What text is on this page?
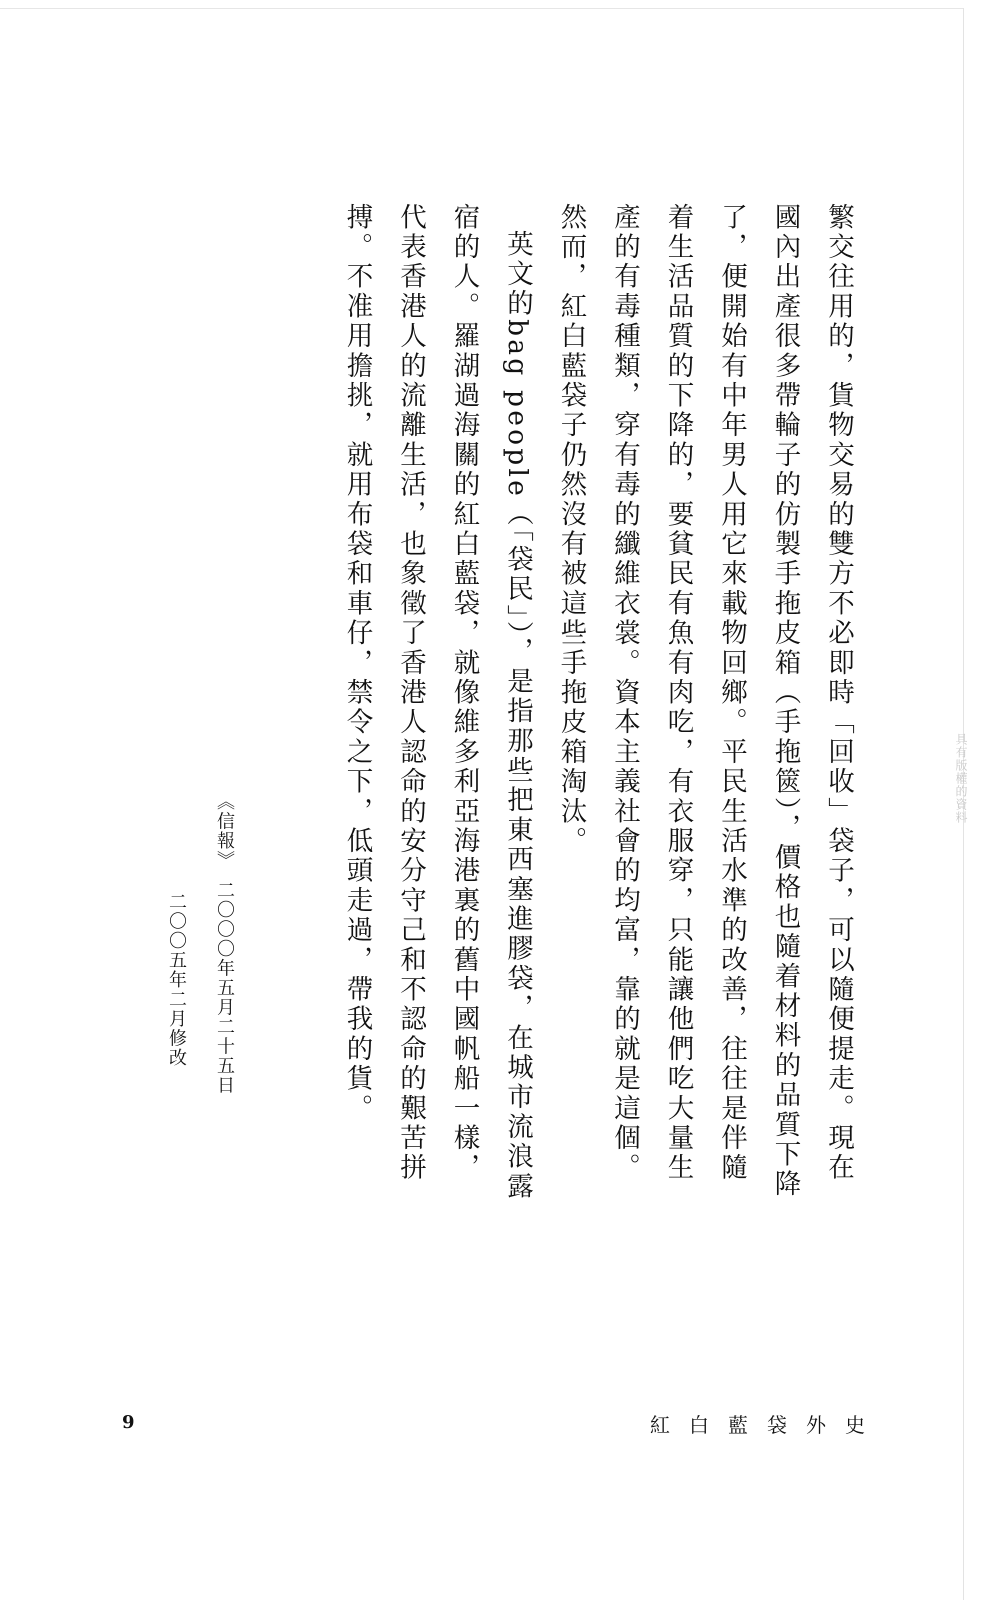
繁交往用的，貨物交易的雙方不必即時「回收」袋子，可以隨便提走。現在國內出產很多帶輪子的仿製手拖皮箱（手拖篋），價格也隨着材料的品質下降了，便開始有中年男人用它來載物回鄉。平民生活水準的改善，往往是伴隨着生活品質的下降的，要貧民有魚有肉吃，有衣服穿，只能讓他們吃大量生產的有毒種類，穿有毒的纖維衣裳。資本主義社會的均富，靠的就是這個。然而，紅白藍袋子仍然沒有被這些手拖皮箱淘汰。

英文的bag people（「袋民」），是指那些把東西塞進膠袋，在城市流浪露宿的人。羅湖過海關的紅白藍袋，就像維多利亞海港裏的舊中國帆船一樣，代表香港人的流離生活，也象徵了香港人認命的安分守己和不認命的艱苦拼搏。不准用擔挑，就用布袋和車仔，禁令之下，低頭走過，帶我的貨。

《信報》　二〇〇〇年五月二十五日
二〇〇五年二月修改
9	紅白藍袋外史
具有版權的資料
